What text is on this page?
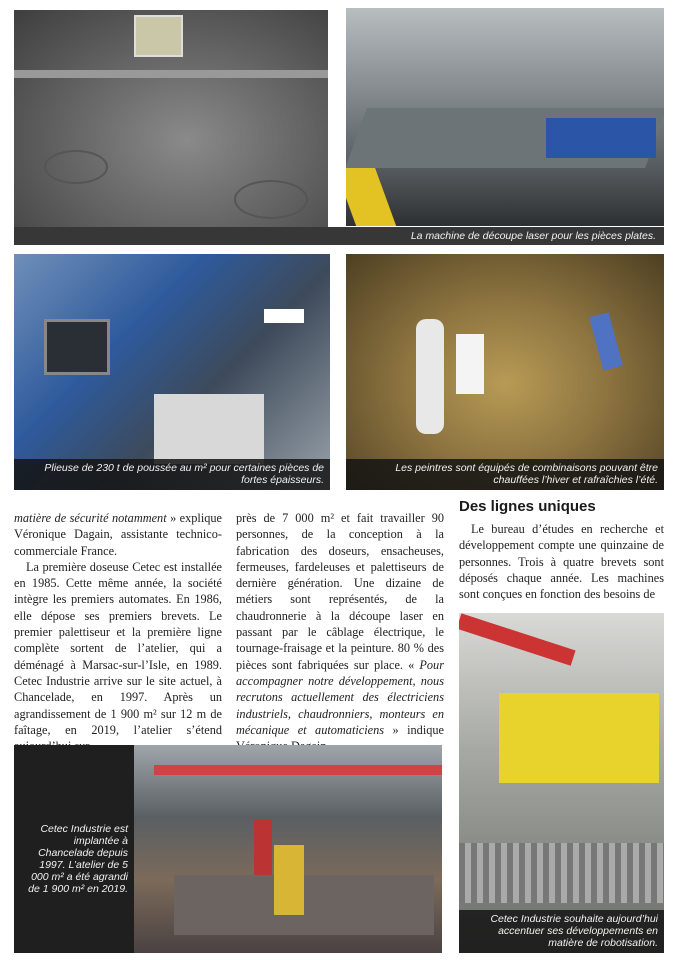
La machine de découpe laser pour les pièces plates.
Plieuse de 230 t de poussée au m² pour certaines pièces de fortes épaisseurs.
Les peintres sont équipés de combinaisons pouvant être chauffées l’hiver et rafraîchies l’été.

matière de sécurité notamment » explique Véronique Dagain, assistante technico-commerciale France.

La première doseuse Cetec est installée en 1985. Cette même année, la société intègre les premiers automates. En 1986, elle dépose ses premiers brevets. Le premier palettiseur et la première ligne complète sortent de l’atelier, qui a déménagé à Marsac-sur-l’Isle, en 1989. Cetec Industrie arrive sur le site actuel, à Chancelade, en 1997. Après un agrandissement de 1 900 m² sur 12 m de faîtage, en 2019, l’atelier s’étend

près de 7 000 m² et fait travailler 90 personnes, de la conception à la fabrication des doseurs, ensacheuses, fermeuses, fardeleuses et palettiseurs de dernière génération. Une dizaine de métiers sont représentés, de la chaudronnerie à la découpe laser en passant par le câblage électrique, le tournage-fraisage et la peinture. 80 % des pièces sont fabriquées sur place. « Pour accompagner notre développement, nous recrutons actuellement des électriciens industriels, chaudronniers, monteurs en mécanique et automaticiens » indique

Des lignes uniques

Le bureau d’études en recherche et développement compte une quinzaine de personnes. Trois à quatre brevets sont déposés chaque année. Les machines sont conçues en fonction des besoins de

Cetec Industrie est implantée à Chancelade depuis 1997. L’atelier de 5 000 m² a été agrandi de 1 900 m² en 2019.
Cetec Industrie souhaite aujourd’hui accentuer ses développements en matière de robotisation.
